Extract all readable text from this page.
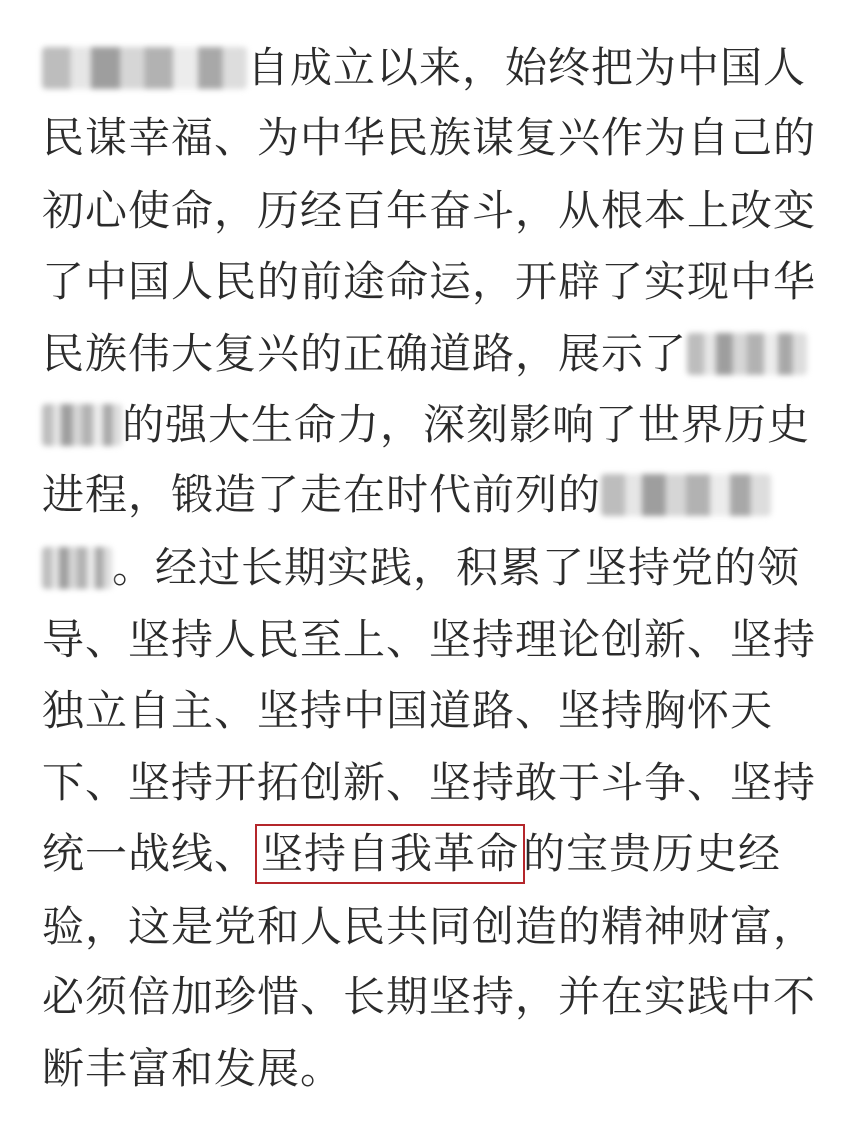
自成立以来，始终把为中国人
民谋幸福、为中华民族谋复兴作为自己的
初心使命，历经百年奋斗，从根本上改变
了中国人民的前途命运，开辟了实现中华
民族伟大复兴的正确道路，展示了
的强大生命力，深刻影响了世界历史
进程，锻造了走在时代前列的
。经过长期实践，积累了坚持党的领
导、坚持人民至上、坚持理论创新、坚持
独立自主、坚持中国道路、坚持胸怀天
下、坚持开拓创新、坚持敢于斗争、坚持
统一战线、坚持自我革命的宝贵历史经
验，这是党和人民共同创造的精神财富，
必须倍加珍惜、长期坚持，并在实践中不
断丰富和发展。
